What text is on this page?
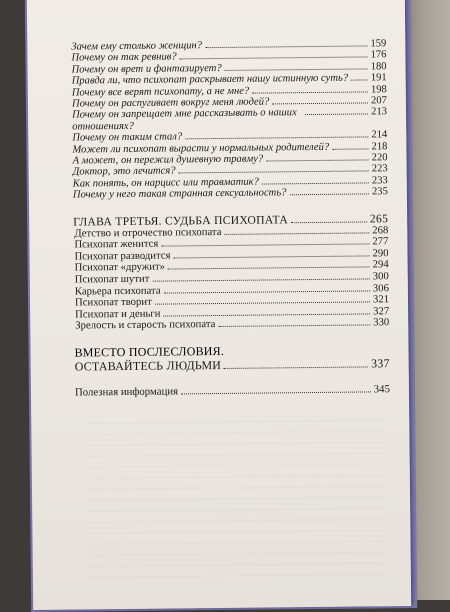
Зачем ему столько женщин?	159
Почему он так ревнив?	176
Почему он врет и фантазирует?	180
Правда ли, что психопат раскрывает нашу истинную суть? 191
Почему все верят психопату, а не мне?	198
Почему он распугивает вокруг меня людей?	207
Почему он запрещает мне рассказывать о наших отношениях?
213
Почему он таким стал?	214
Может ли психопат вырасти у нормальных родителей?	218
А может, он пережил душевную травму?	220
Доктор, это лечится?	223
Как понять, он нарцисс или травматик?	233
Почему у него такая странная сексуальность?	235
ГЛАВА ТРЕТЬЯ. СУДЬБА ПСИХОПАТА	265
Детство и отрочество психопата	268
Психопат женится	277
Психопат разводится	290
Психопат «дружит»	294
Психопат шутит	300
Карьера психопата	306
Психопат творит	321
Психопат и деньги	327
Зрелость и старость психопата	330
ВМЕСТО ПОСЛЕСЛОВИЯ.
ОСТАВАЙТЕСЬ ЛЮДЬМИ	337
Полезная информация	345
